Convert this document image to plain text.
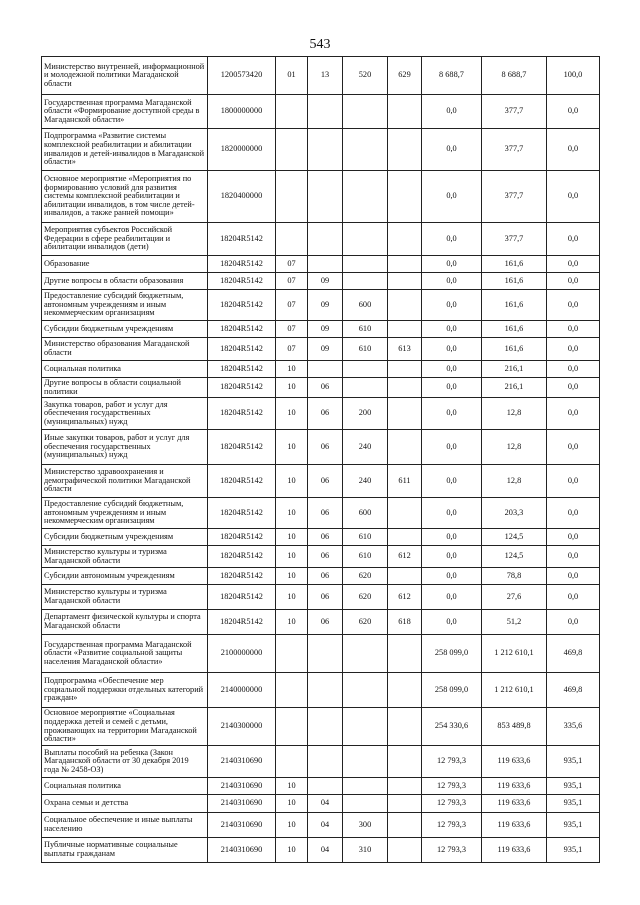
543
Министерство внутренней, информационной и молодежной политики Магаданской области	1200573420	01	13	520	629	8 688,7	8 688,7	100,0
Государственная программа Магаданской области «Формирование доступной среды в Магаданской области»	1800000000					0,0	377,7	0,0
Подпрограмма «Развитие системы комплексной реабилитации и абилитации инвалидов и детей-инвалидов в Магаданской области»	1820000000					0,0	377,7	0,0
Основное мероприятие «Мероприятия по формированию условий для развития системы комплексной реабилитации и абилитации инвалидов, в том числе детей-инвалидов, а также ранней помощи»	1820400000					0,0	377,7	0,0
Мероприятия субъектов Российской Федерации в сфере реабилитации и абилитации инвалидов (дети)	18204R5142					0,0	377,7	0,0
Образование	18204R5142	07				0,0	161,6	0,0
Другие вопросы в области образования	18204R5142	07	09			0,0	161,6	0,0
Предоставление субсидий бюджетным, автономным учреждениям и иным некоммерческим организациям	18204R5142	07	09	600		0,0	161,6	0,0
Субсидии бюджетным учреждениям	18204R5142	07	09	610		0,0	161,6	0,0
Министерство образования Магаданской области	18204R5142	07	09	610	613	0,0	161,6	0,0
Социальная политика	18204R5142	10				0,0	216,1	0,0
Другие вопросы в области социальной политики	18204R5142	10	06			0,0	216,1	0,0
Закупка товаров, работ и услуг для обеспечения государственных (муниципальных) нужд	18204R5142	10	06	200		0,0	12,8	0,0
Иные закупки товаров, работ и услуг для обеспечения государственных (муниципальных) нужд	18204R5142	10	06	240		0,0	12,8	0,0
Министерство здравоохранения и демографической политики Магаданской области	18204R5142	10	06	240	611	0,0	12,8	0,0
Предоставление субсидий бюджетным, автономным учреждениям и иным некоммерческим организациям	18204R5142	10	06	600		0,0	203,3	0,0
Субсидии бюджетным учреждениям	18204R5142	10	06	610		0,0	124,5	0,0
Министерство культуры и туризма Магаданской области	18204R5142	10	06	610	612	0,0	124,5	0,0
Субсидии автономным учреждениям	18204R5142	10	06	620		0,0	78,8	0,0
Министерство культуры и туризма Магаданской области	18204R5142	10	06	620	612	0,0	27,6	0,0
Департамент физической культуры и спорта Магаданской области	18204R5142	10	06	620	618	0,0	51,2	0,0
Государственная программа Магаданской области «Развитие социальной защиты населения Магаданской области»	2100000000					258 099,0	1 212 610,1	469,8
Подпрограмма «Обеспечение мер социальной поддержки отдельных категорий граждан»	2140000000					258 099,0	1 212 610,1	469,8
Основное мероприятие «Социальная поддержка детей и семей с детьми, проживающих на территории Магаданской области»	2140300000					254 330,6	853 489,8	335,6
Выплаты пособий на ребенка (Закон Магаданской области от 30 декабря 2019 года № 2458-ОЗ)	2140310690					12 793,3	119 633,6	935,1
Социальная политика	2140310690	10				12 793,3	119 633,6	935,1
Охрана семьи и детства	2140310690	10	04			12 793,3	119 633,6	935,1
Социальное обеспечение и иные выплаты населению	2140310690	10	04	300		12 793,3	119 633,6	935,1
Публичные нормативные социальные выплаты гражданам	2140310690	10	04	310		12 793,3	119 633,6	935,1
